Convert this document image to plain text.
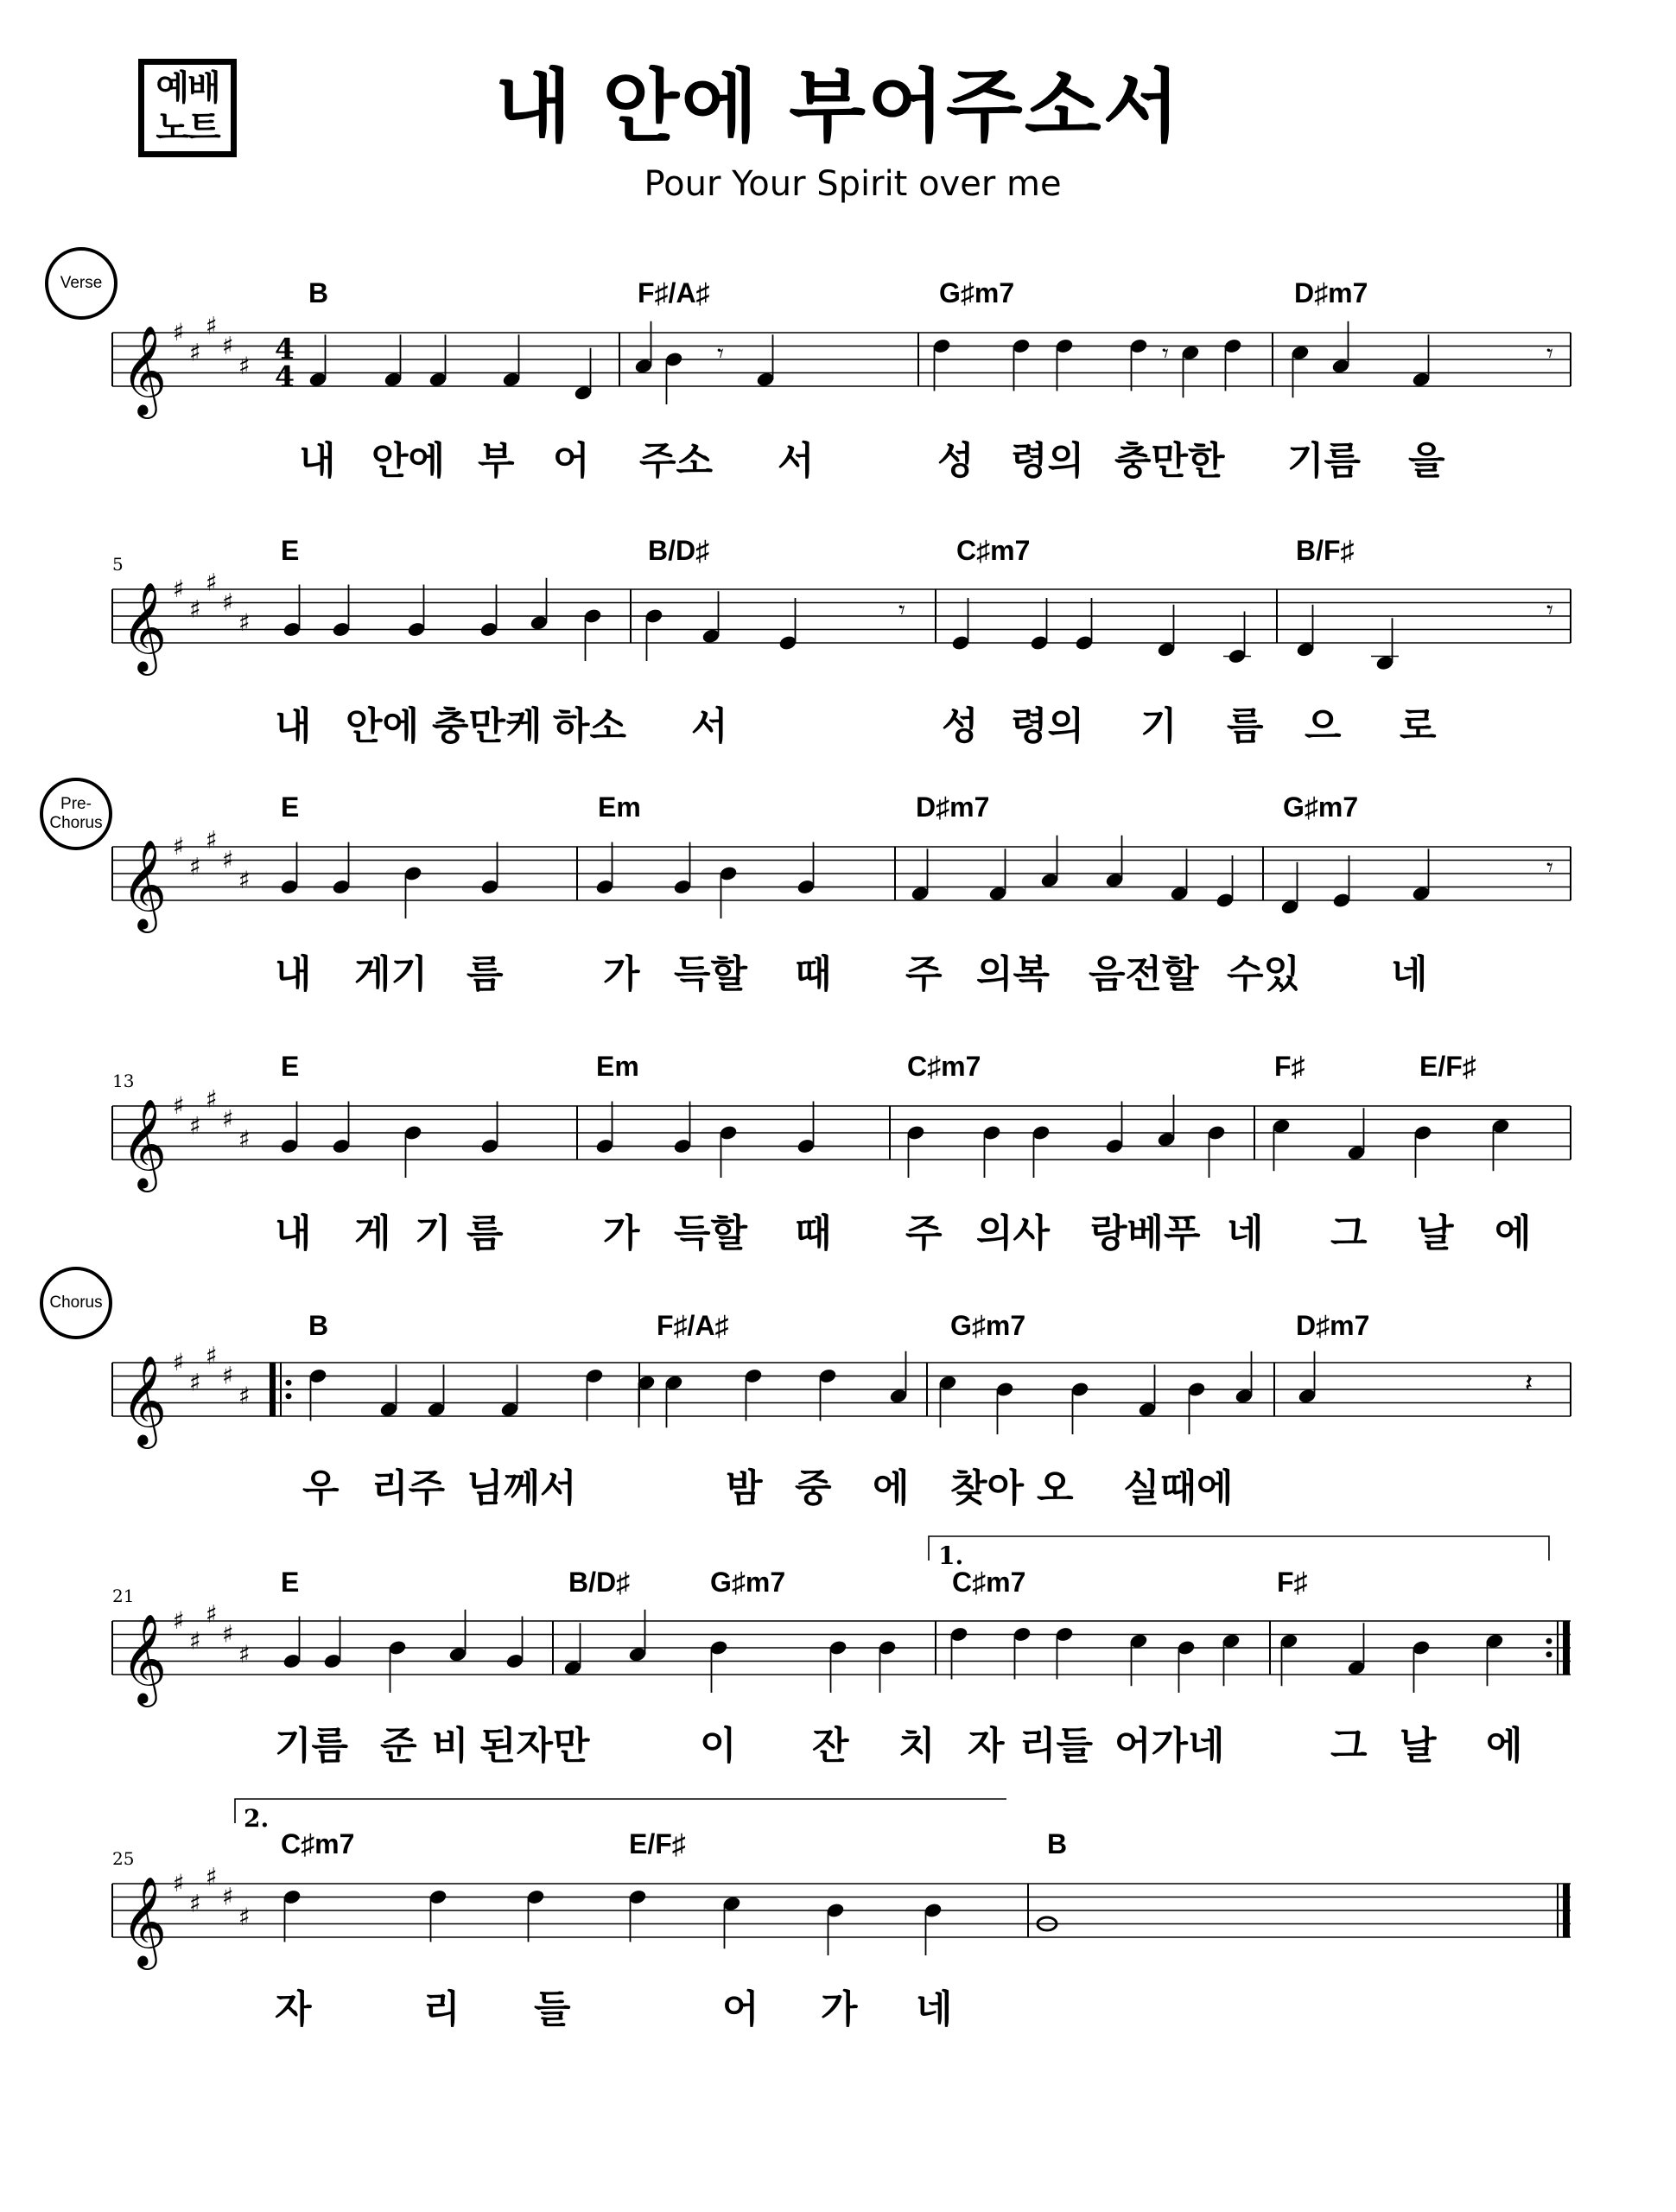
예배
노트	내 안에 부어주소서
Pour Your Spirit over me
Verse
Pre-
Chorus
Chorus
𝄞 ♯
♯
♯
♯
♯
4
4
𝄾	𝄾	𝄾
B	F♯/A♯	G♯m7	D♯m7
내 안에 부 어 주소 서	성 령의 충만한 기름 을
𝄞 ♯
♯
♯
♯
♯
5
𝄾	𝄾
E	B/D♯	C♯m7	B/F♯
내 안에 충만케 하소 서	성 령의 기 름 으 로
𝄞 ♯
♯
♯
♯
♯	𝄾
E	Em	D♯m7	G♯m7
내 게기 름	가 득할 때 주 의복 음전할 수있 네
𝄞 ♯
♯
♯
♯
♯
13	E	Em	C♯m7	F♯	E/F♯
내 게 기 름	가 득할 때 주 의사 랑베푸 네 그 날 에
𝄞 ♯
♯
♯
♯
♯	𝄽
B	F♯/A♯	G♯m7	D♯m7
우 리주 님께서	밤 중 에 찾아 오 실때에
𝄞 ♯
♯
♯
♯
♯
1.
21	E	B/D♯	G♯m7	C♯m7	F♯
기름 준 비 된자만	이 잔 치 자 리들 어가네	그 날 에
𝄞 ♯
♯
♯
♯
♯
2.
25	C♯m7	E/F♯	B
자	리 들	어 가 네
